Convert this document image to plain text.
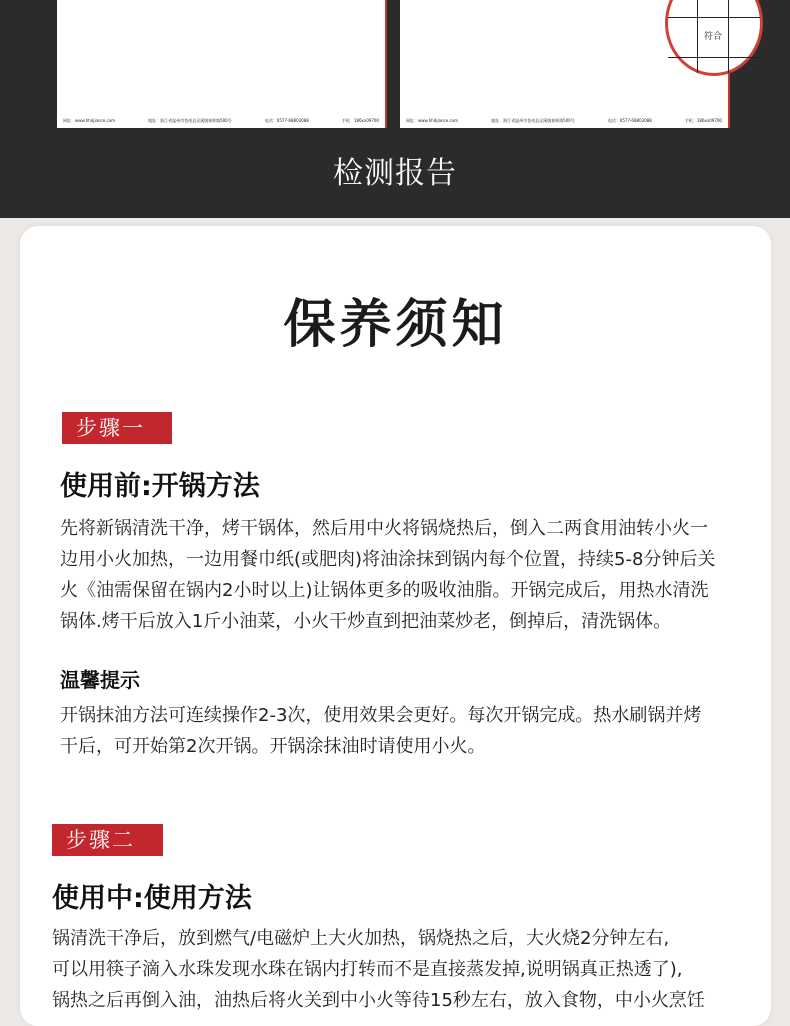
网址：www.hhdjiance.com	地址：浙江省温州市苍南县灵溪镇春晖路500号	电话：0577-68803088	手机：186xx09700	网址：www.hhdjiance.com	地址：浙江省温州市苍南县灵溪镇春晖路500号	电话：0577-68803088	手机：186xx09700
符合
检测报告
保养须知
步骤一
使用前:开锅方法
先将新锅清洗干净，烤干锅体，然后用中火将锅烧热后，倒入二两食用油转小火一
边用小火加热，一边用餐巾纸(或肥肉)将油涂抹到锅内每个位置，持续5-8分钟后关
火《油需保留在锅内2小时以上)让锅体更多的吸收油脂。开锅完成后，用热水清洗
锅体.烤干后放入1斤小油菜，小火干炒直到把油菜炒老，倒掉后，清洗锅体。
温馨提示
开锅抹油方法可连续操作2-3次，使用效果会更好。每次开锅完成。热水刷锅并烤
干后，可开始第2次开锅。开锅涂抹油时请使用小火。
步骤二
使用中:使用方法
锅清洗干净后，放到燃气/电磁炉上大火加热，锅烧热之后，大火烧2分钟左右,
可以用筷子滴入水珠发现水珠在锅内打转而不是直接蒸发掉,说明锅真正热透了),
锅热之后再倒入油，油热后将火关到中小火等待15秒左右，放入食物，中小火烹饪
